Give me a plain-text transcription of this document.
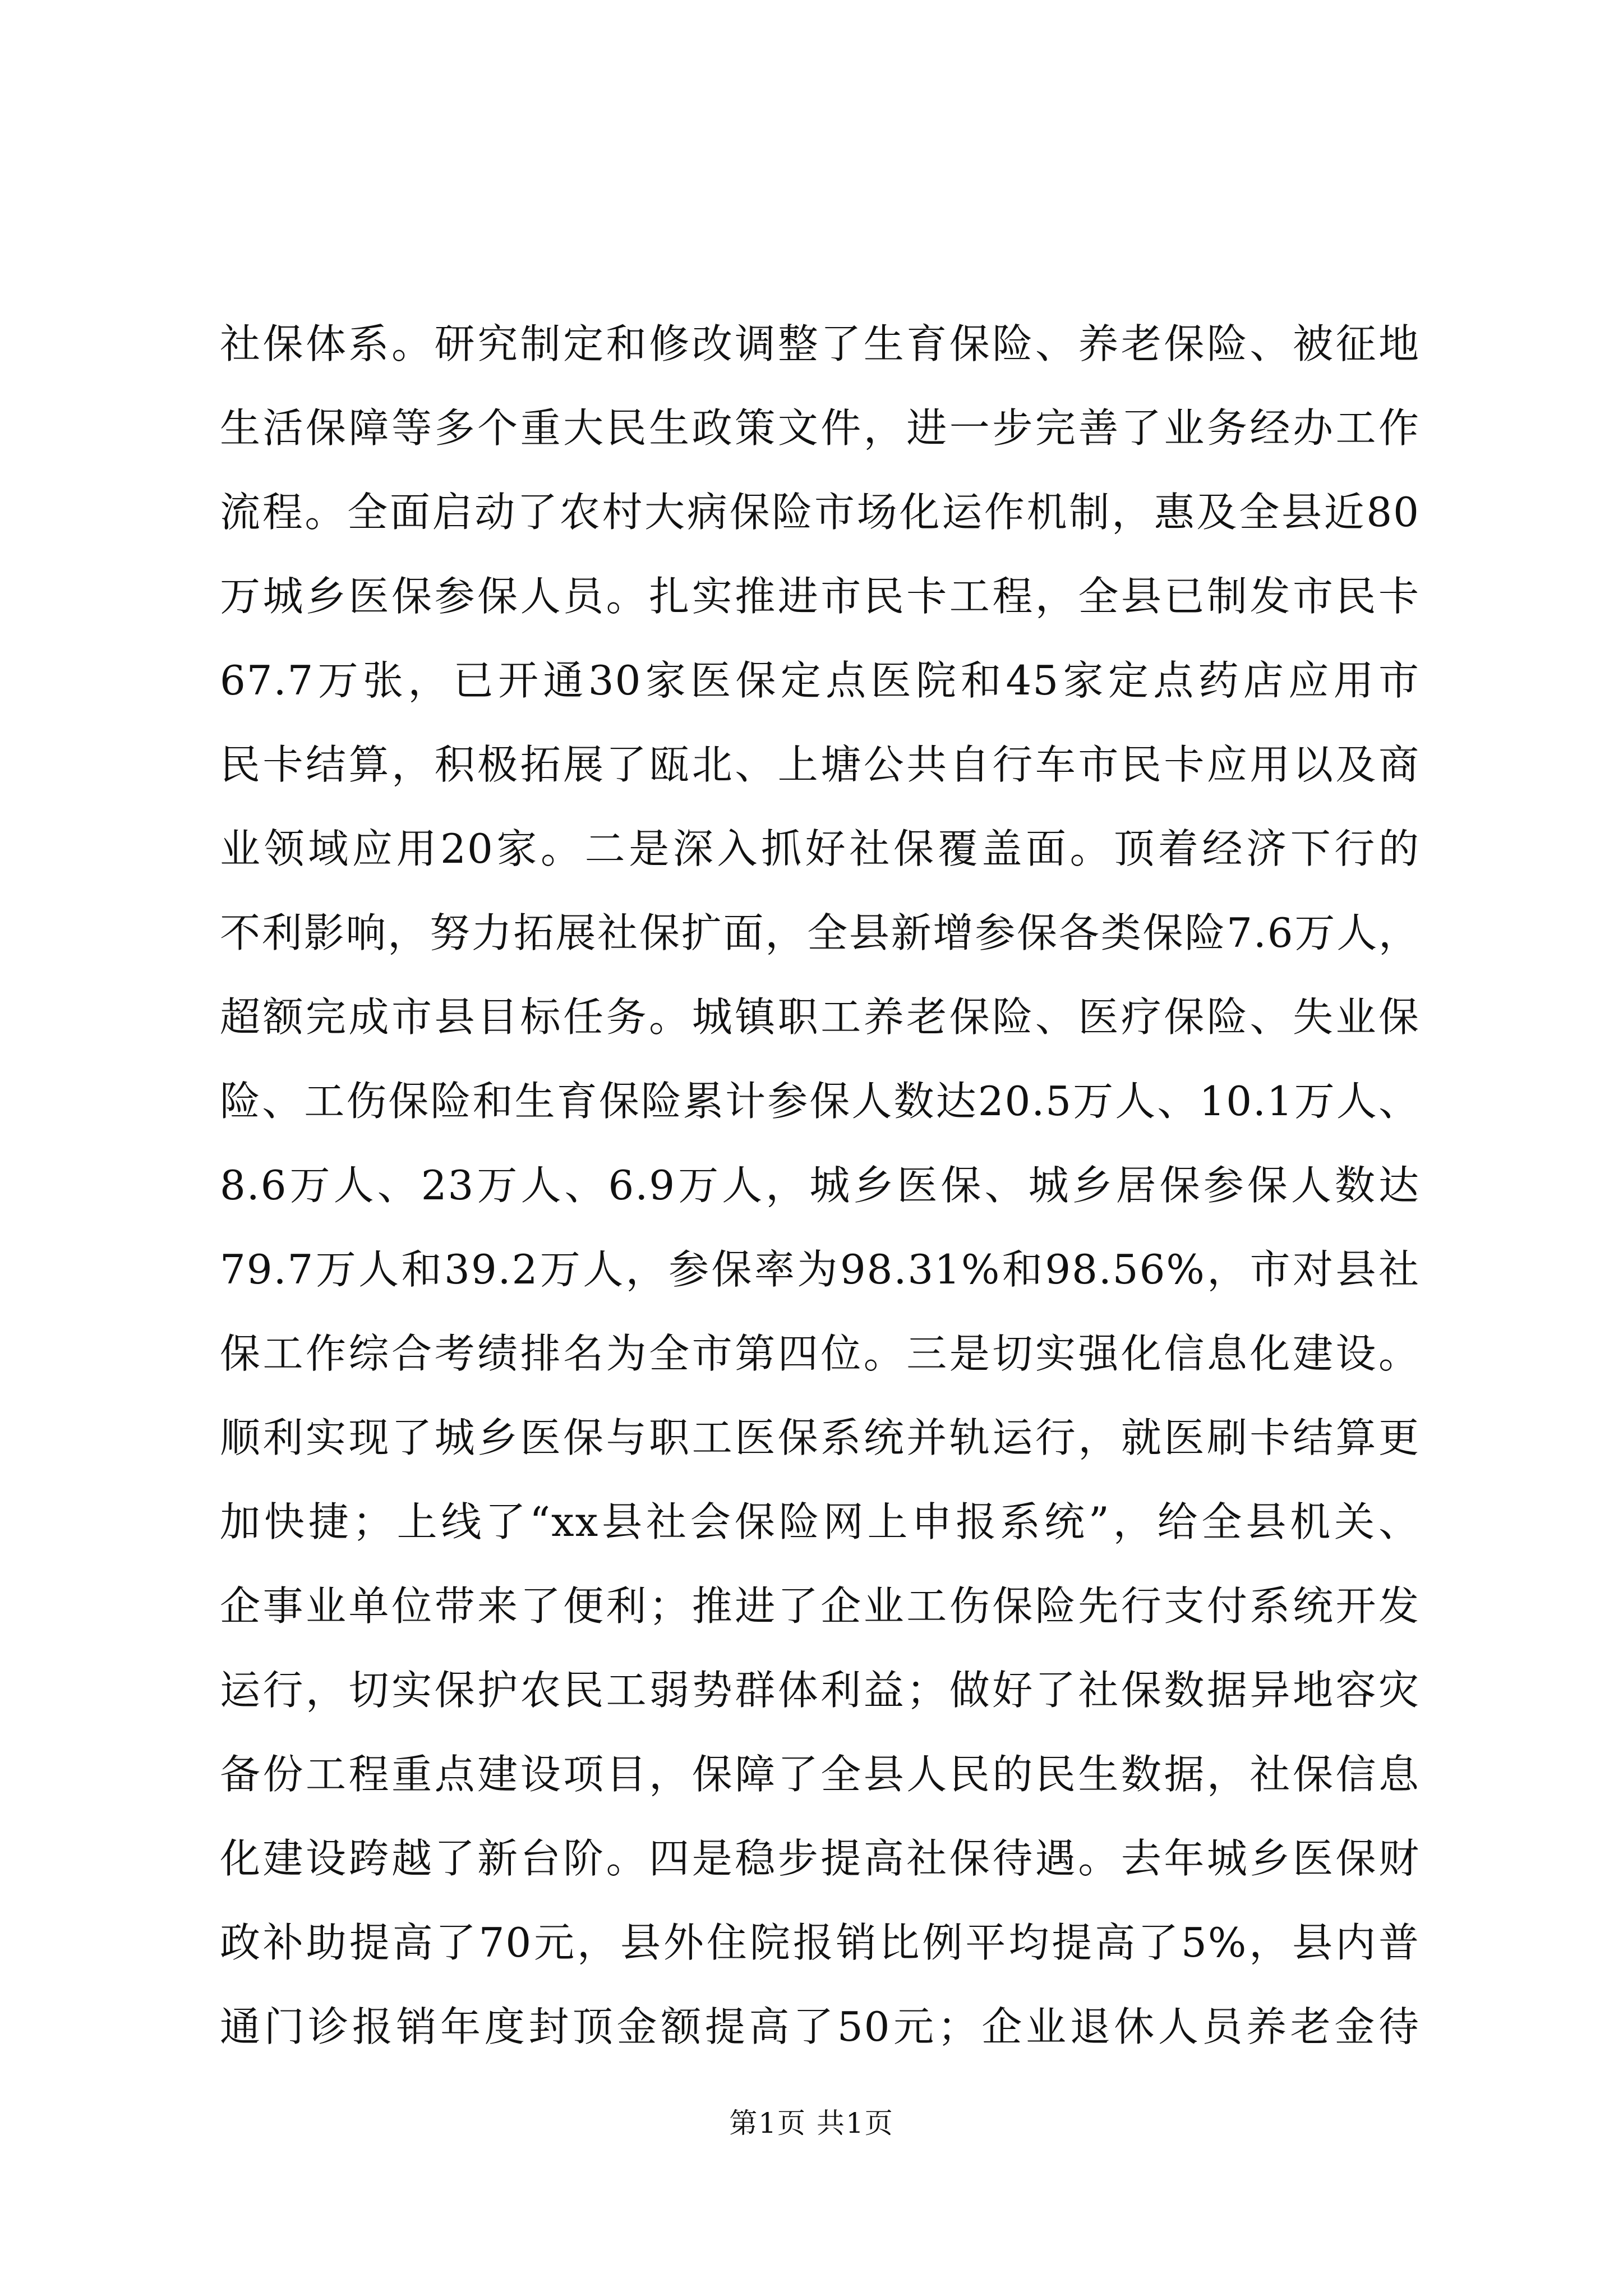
社保体系。研究制定和修改调整了生育保险、养老保险、被征地
生活保障等多个重大民生政策文件，进一步完善了业务经办工作
流程。全面启动了农村大病保险市场化运作机制，惠及全县近80
万城乡医保参保人员。扎实推进市民卡工程，全县已制发市民卡
67.7万张，已开通30家医保定点医院和45家定点药店应用市
民卡结算，积极拓展了瓯北、上塘公共自行车市民卡应用以及商
业领域应用20家。二是深入抓好社保覆盖面。顶着经济下行的
不利影响，努力拓展社保扩面，全县新增参保各类保险7.6万人，
超额完成市县目标任务。城镇职工养老保险、医疗保险、失业保
险、工伤保险和生育保险累计参保人数达20.5万人、10.1万人、
8.6万人、23万人、6.9万人，城乡医保、城乡居保参保人数达
79.7万人和39.2万人，参保率为98.31%和98.56%，市对县社
保工作综合考绩排名为全市第四位。三是切实强化信息化建设。
顺利实现了城乡医保与职工医保系统并轨运行，就医刷卡结算更
加快捷；上线了“xx县社会保险网上申报系统”，给全县机关、
企事业单位带来了便利；推进了企业工伤保险先行支付系统开发
运行，切实保护农民工弱势群体利益；做好了社保数据异地容灾
备份工程重点建设项目，保障了全县人民的民生数据，社保信息
化建设跨越了新台阶。四是稳步提高社保待遇。去年城乡医保财
政补助提高了70元，县外住院报销比例平均提高了5%，县内普
通门诊报销年度封顶金额提高了50元；企业退休人员养老金待
第1页 共1页
